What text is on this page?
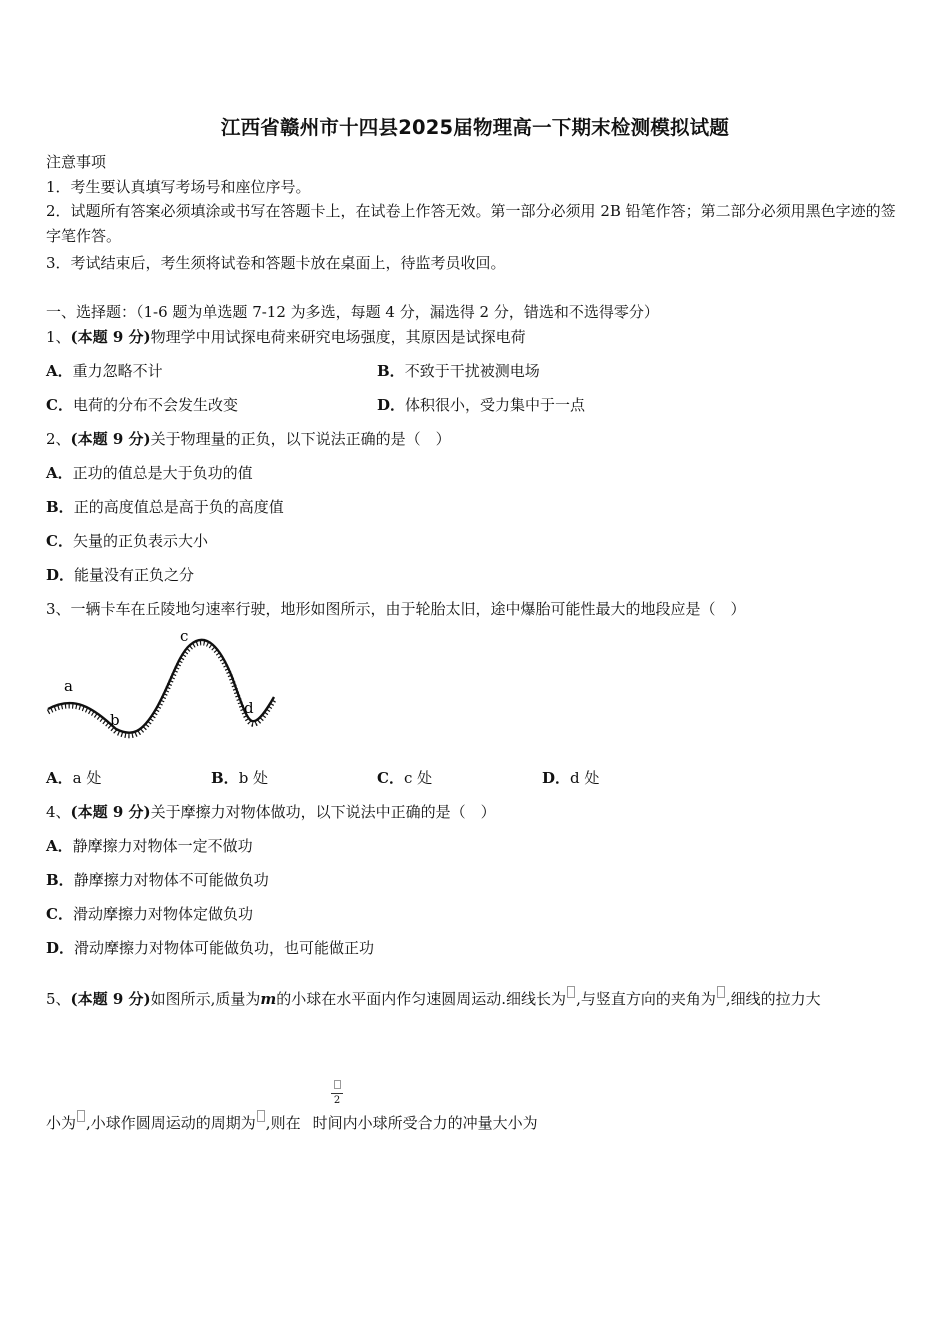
江西省赣州市十四县2025届物理高一下期末检测模拟试题
注意事项
1．考生要认真填写考场号和座位序号。
2．试题所有答案必须填涂或书写在答题卡上，在试卷上作答无效。第一部分必须用 2B 铅笔作答；第二部分必须用黑色字迹的签字笔作答。
3．考试结束后，考生须将试卷和答题卡放在桌面上，待监考员收回。
一、选择题：（1-6 题为单选题 7-12 为多选，每题 4 分，漏选得 2 分，错选和不选得零分）
1、(本题 9 分)物理学中用试探电荷来研究电场强度，其原因是试探电荷
A．重力忽略不计	B．不致于干扰被测电场
C．电荷的分布不会发生改变	D．体积很小，受力集中于一点
2、(本题 9 分)关于物理量的正负，以下说法正确的是（　）
A．正功的值总是大于负功的值
B．正的高度值总是高于负的高度值
C．矢量的正负表示大小
D．能量没有正负之分
3、一辆卡车在丘陵地匀速率行驶，地形如图所示，由于轮胎太旧，途中爆胎可能性最大的地段应是（　）
a
b
c
d
A．a 处	B．b 处	C．c 处	D．d 处
4、(本题 9 分)关于摩擦力对物体做功，以下说法中正确的是（　）
A．静摩擦力对物体一定不做功
B．静摩擦力对物体不可能做负功
C．滑动摩擦力对物体定做负功
D．滑动摩擦力对物体可能做负功，也可能做正功
5、(本题 9 分)如图所示,质量为m的小球在水平面内作匀速圆周运动.细线长为 ,与竖直方向的夹角为 ,细线的拉力大
2
小为 ,小球作圆周运动的周期为 ,则在 时间内小球所受合力的冲量大小为
